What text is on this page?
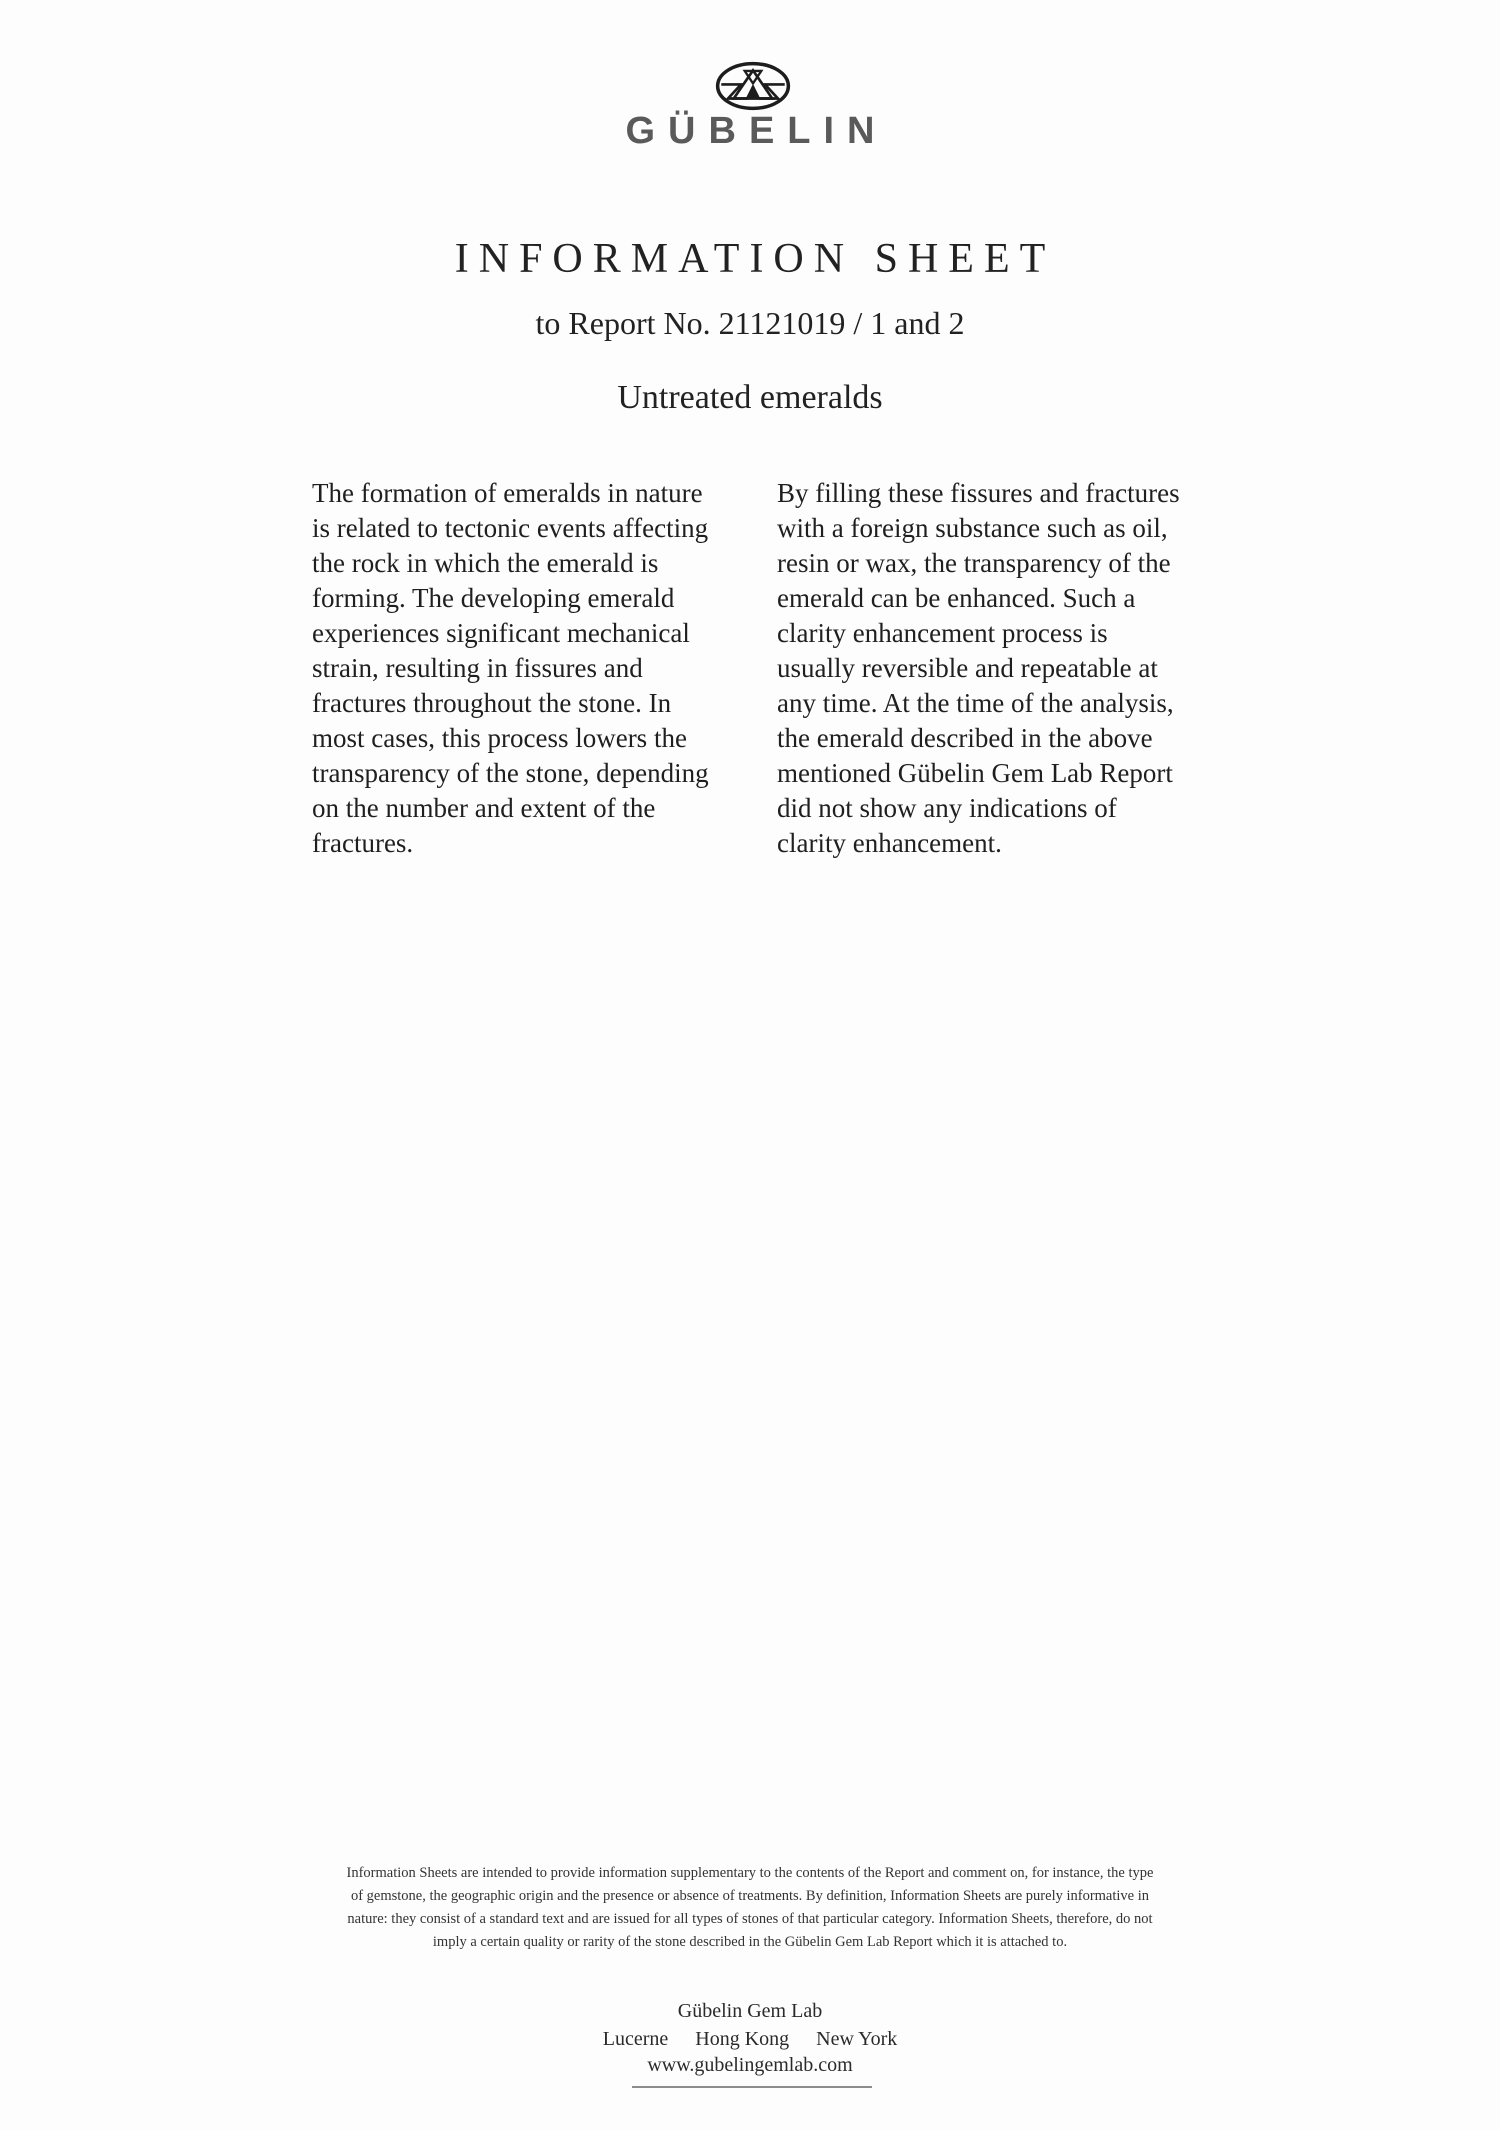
GÜBELIN
INFORMATION SHEET
to Report No. 21121019 / 1 and 2
Untreated emeralds
The formation of emeralds in nature
is related to tectonic events affecting
the rock in which the emerald is
forming. The developing emerald
experiences significant mechanical
strain, resulting in fissures and
fractures throughout the stone. In
most cases, this process lowers the
transparency of the stone, depending
on the number and extent of the
fractures.
By filling these fissures and fractures
with a foreign substance such as oil,
resin or wax, the transparency of the
emerald can be enhanced. Such a
clarity enhancement process is
usually reversible and repeatable at
any time. At the time of the analysis,
the emerald described in the above
mentioned Gübelin Gem Lab Report
did not show any indications of
clarity enhancement.
Information Sheets are intended to provide information supplementary to the contents of the Report and comment on, for instance, the type
of gemstone, the geographic origin and the presence or absence of treatments. By definition, Information Sheets are purely informative in
nature: they consist of a standard text and are issued for all types of stones of that particular category. Information Sheets, therefore, do not
imply a certain quality or rarity of the stone described in the Gübelin Gem Lab Report which it is attached to.
Gübelin Gem Lab
Lucerne Hong Kong New York
www.gubelingemlab.com
